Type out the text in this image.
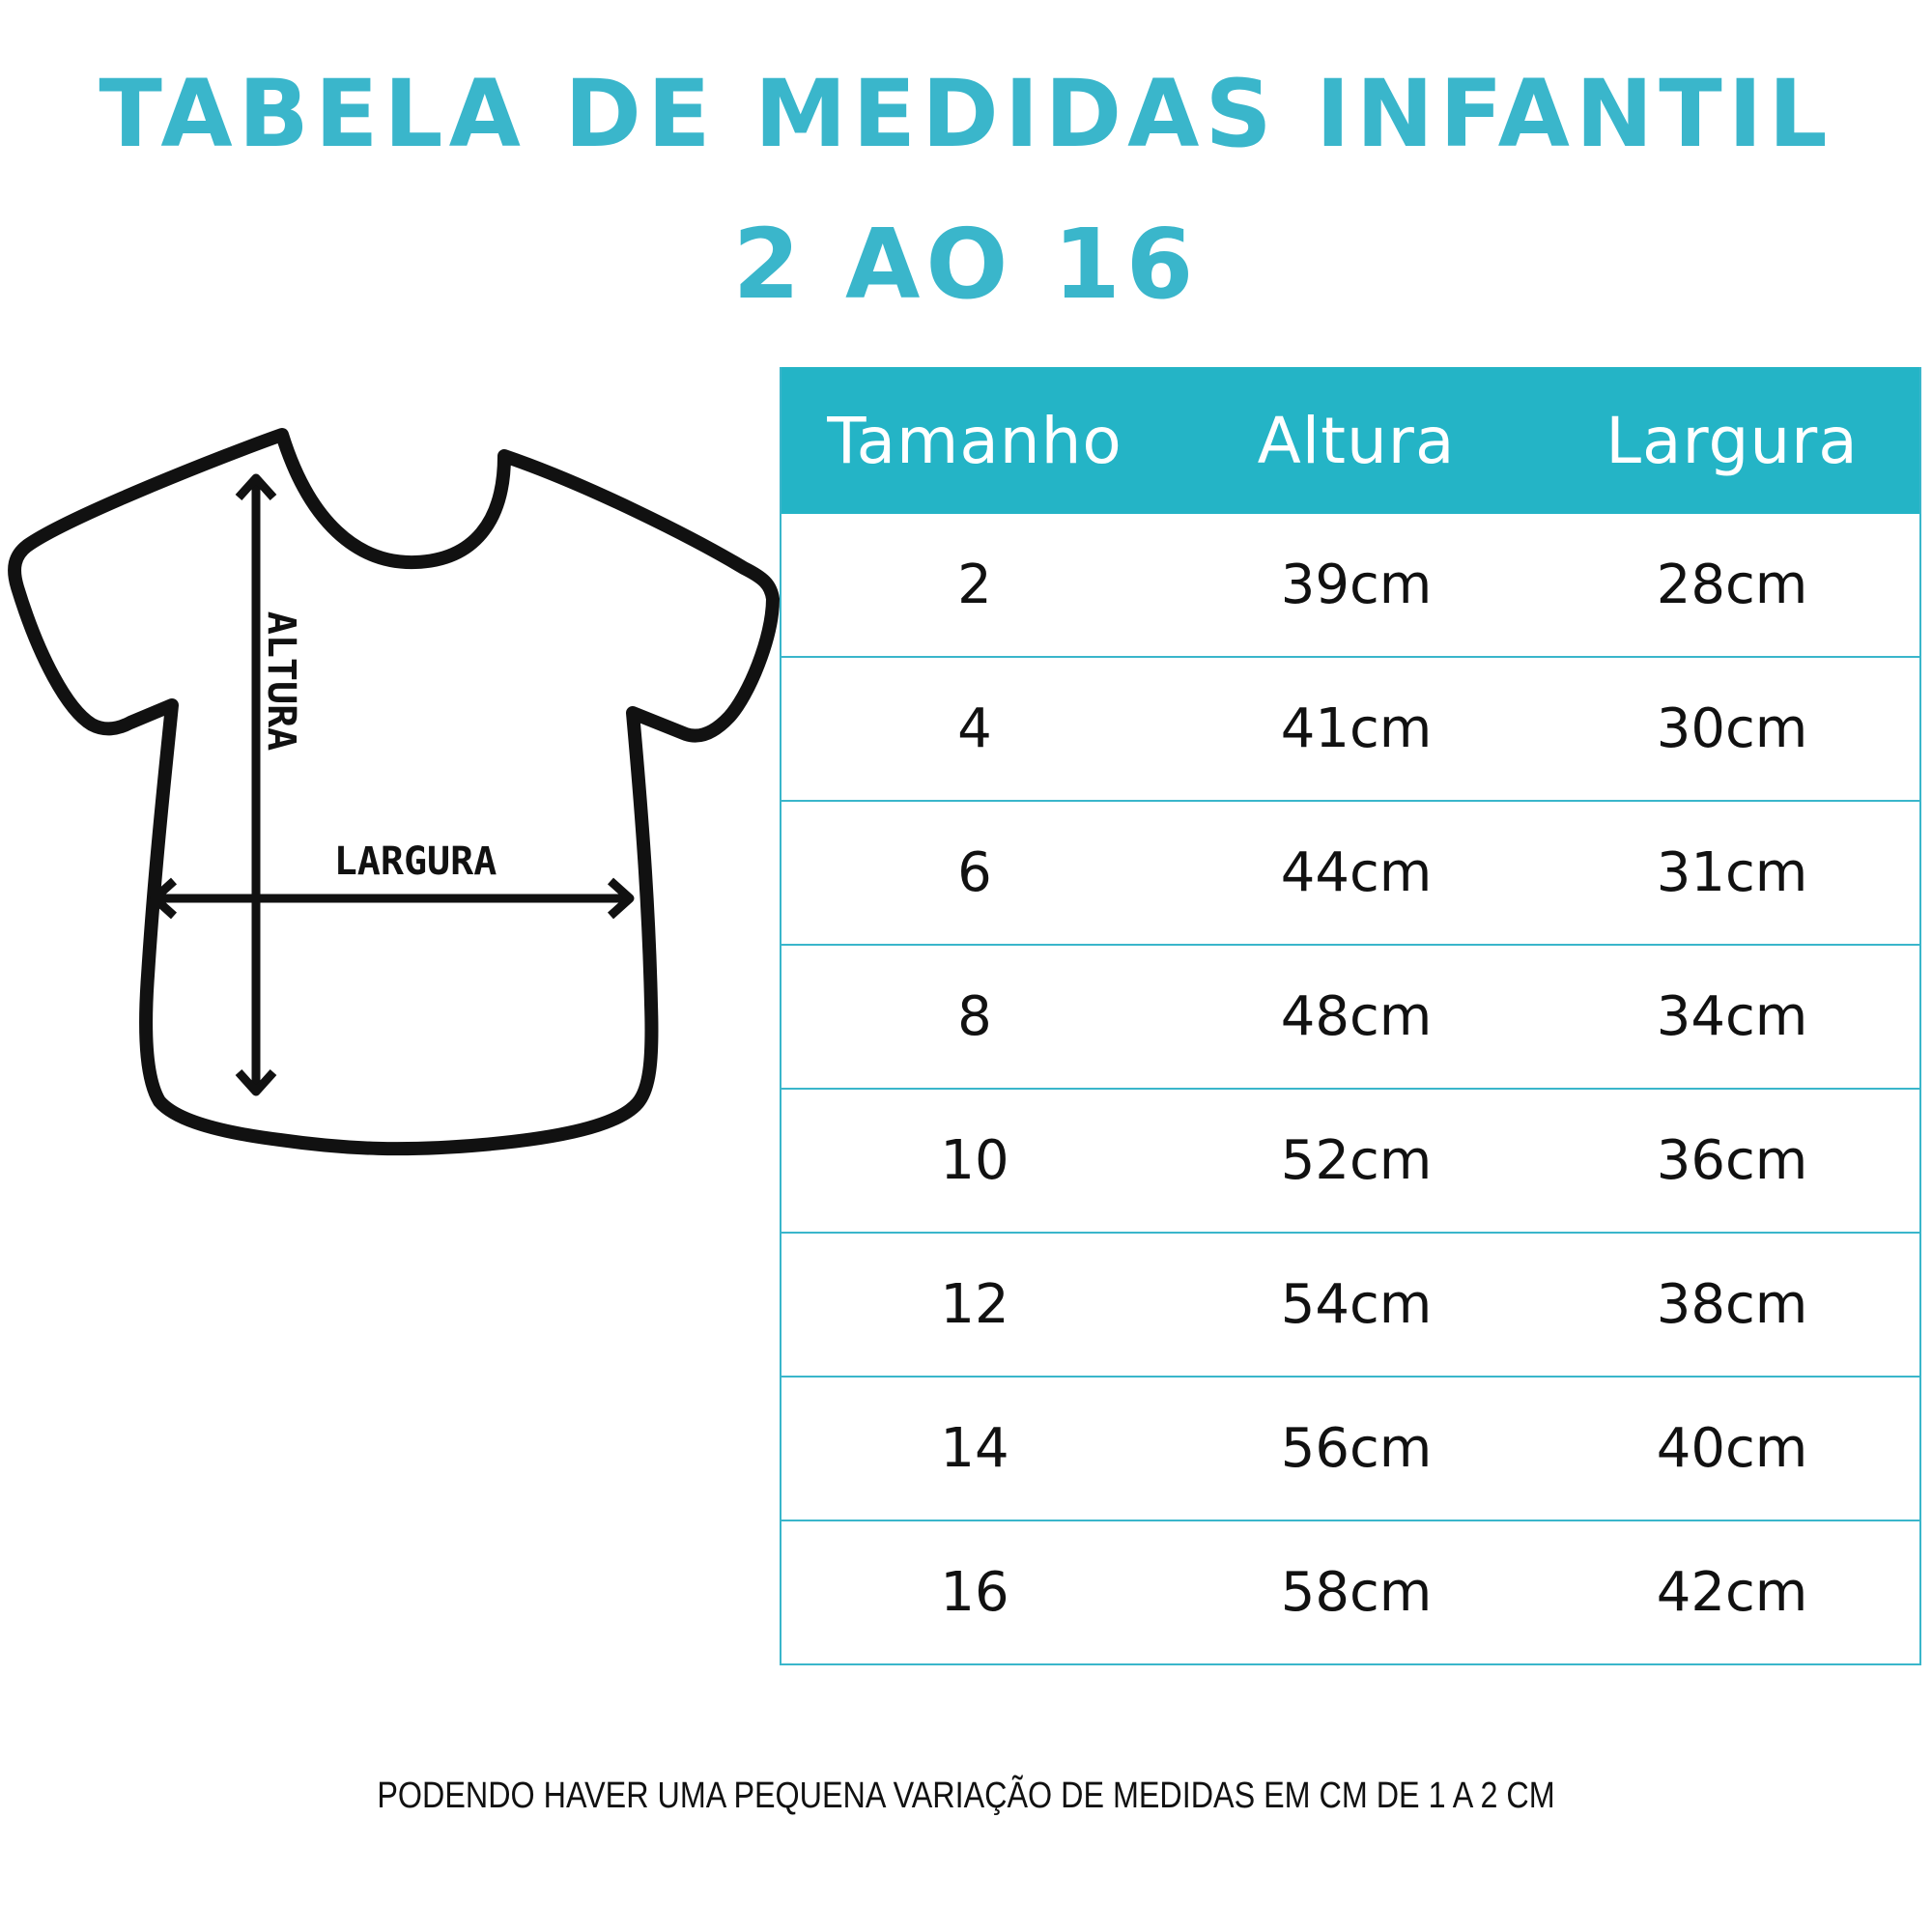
TABELA DE MEDIDAS INFANTIL
2 AO 16
ALTURA
LARGURA
Tamanho	Altura	Largura
2	39cm	28cm
4	41cm	30cm
6	44cm	31cm
8	48cm	34cm
10	52cm	36cm
12	54cm	38cm
14	56cm	40cm
16	58cm	42cm
PODENDO HAVER UMA PEQUENA VARIAÇÃO DE MEDIDAS EM CM DE 1 A 2 CM
